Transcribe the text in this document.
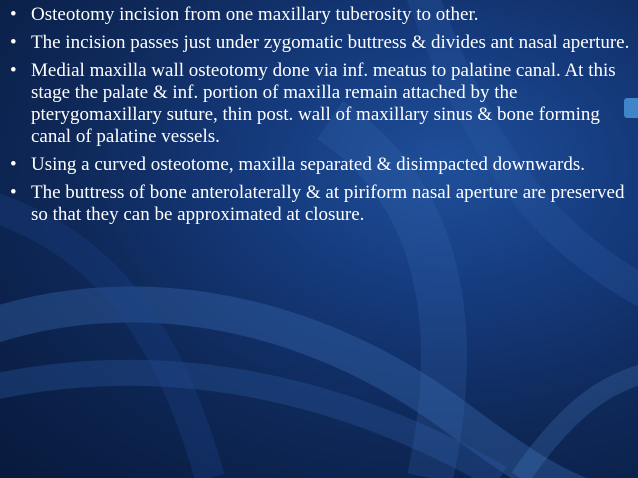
• Osteotomy incision from one maxillary tuberosity to other.
• The incision passes just under zygomatic buttress & divides ant nasal aperture.
• Medial maxilla wall osteotomy done via inf. meatus to palatine canal. At this stage the palate & inf. portion of maxilla remain attached by the pterygomaxillary suture, thin post. wall of maxillary sinus & bone forming canal of palatine vessels.
• Using a curved osteotome, maxilla separated & disimpacted downwards.
• The buttress of bone anterolaterally & at piriform nasal aperture are preserved so that they can be approximated at closure.
